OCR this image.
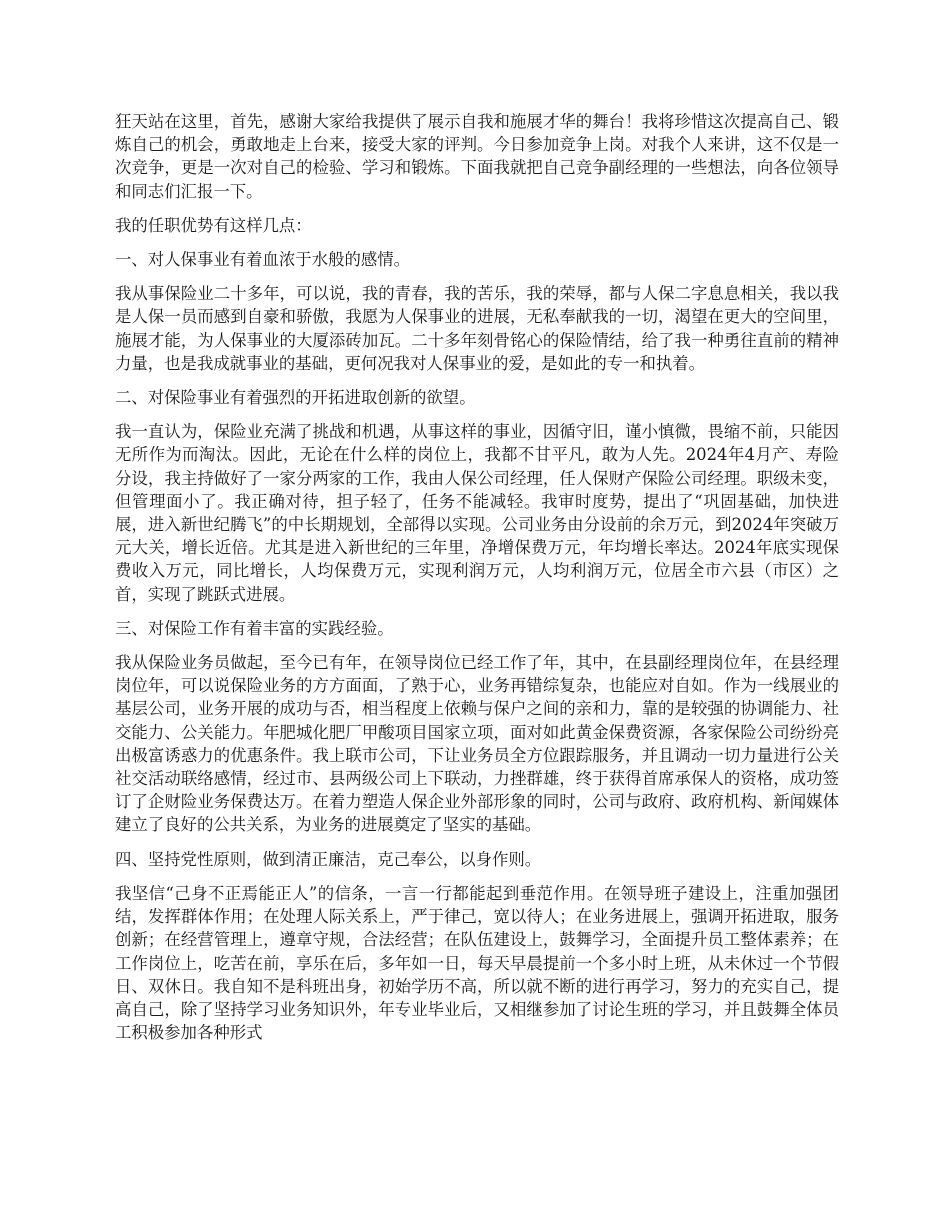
狂天站在这里，首先，感谢大家给我提供了展示自我和施展才华的舞台！我将珍惜这次提高自己、锻炼自己的机会，勇敢地走上台来，接受大家的评判。今日参加竞争上岗。对我个人来讲，这不仅是一次竞争，更是一次对自己的检验、学习和锻炼。下面我就把自己竞争副经理的一些想法，向各位领导和同志们汇报一下。

我的任职优势有这样几点：

一、对人保事业有着血浓于水般的感情。

我从事保险业二十多年，可以说，我的青春，我的苦乐，我的荣辱，都与人保二字息息相关，我以我是人保一员而感到自豪和骄傲，我愿为人保事业的进展，无私奉献我的一切，渴望在更大的空间里，施展才能，为人保事业的大厦添砖加瓦。二十多年刻骨铭心的保险情结，给了我一种勇往直前的精神力量，也是我成就事业的基础，更何况我对人保事业的爱，是如此的专一和执着。

二、对保险事业有着强烈的开拓进取创新的欲望。

我一直认为，保险业充满了挑战和机遇，从事这样的事业，因循守旧，谨小慎微，畏缩不前，只能因无所作为而淘汰。因此，无论在什么样的岗位上，我都不甘平凡，敢为人先。2024年4月产、寿险分设，我主持做好了一家分两家的工作，我由人保公司经理，任人保财产保险公司经理。职级未变，但管理面小了。我正确对待，担子轻了，任务不能减轻。我审时度势，提出了“巩固基础，加快进展，进入新世纪腾飞”的中长期规划，全部得以实现。公司业务由分设前的余万元，到2024年突破万元大关，增长近倍。尤其是进入新世纪的三年里，净增保费万元，年均增长率达。2024年底实现保费收入万元，同比增长，人均保费万元，实现利润万元，人均利润万元，位居全市六县（市区）之首，实现了跳跃式进展。

三、对保险工作有着丰富的实践经验。

我从保险业务员做起，至今已有年，在领导岗位已经工作了年，其中，在县副经理岗位年，在县经理岗位年，可以说保险业务的方方面面，了熟于心，业务再错综复杂，也能应对自如。作为一线展业的基层公司，业务开展的成功与否，相当程度上依赖与保户之间的亲和力，靠的是较强的协调能力、社交能力、公关能力。年肥城化肥厂甲酸项目国家立项，面对如此黄金保费资源，各家保险公司纷纷亮出极富诱惑力的优惠条件。我上联市公司，下让业务员全方位跟踪服务，并且调动一切力量进行公关社交活动联络感情，经过市、县两级公司上下联动，力挫群雄，终于获得首席承保人的资格，成功签订了企财险业务保费达万。在着力塑造人保企业外部形象的同时，公司与政府、政府机构、新闻媒体建立了良好的公共关系，为业务的进展奠定了坚实的基础。

四、坚持党性原则，做到清正廉洁，克己奉公，以身作则。

我坚信“己身不正焉能正人”的信条，一言一行都能起到垂范作用。在领导班子建设上，注重加强团结，发挥群体作用；在处理人际关系上，严于律己，宽以待人；在业务进展上，强调开拓进取，服务创新；在经营管理上，遵章守规，合法经营；在队伍建设上，鼓舞学习，全面提升员工整体素养；在工作岗位上，吃苦在前，享乐在后，多年如一日，每天早晨提前一个多小时上班，从未休过一个节假日、双休日。我自知不是科班出身，初始学历不高，所以就不断的进行再学习，努力的充实自己，提高自己，除了坚持学习业务知识外，年专业毕业后，又相继参加了讨论生班的学习，并且鼓舞全体员工积极参加各种形式
